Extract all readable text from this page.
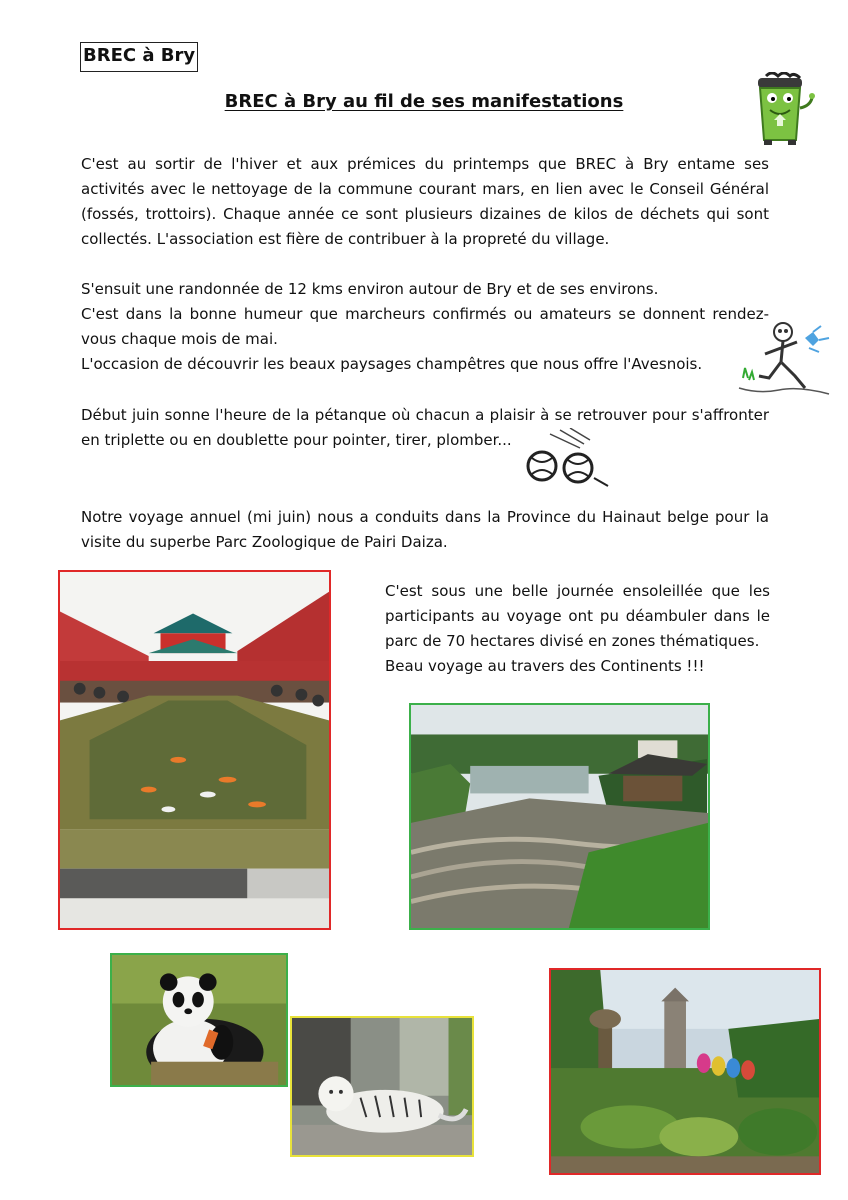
BREC à Bry
BREC à Bry au fil de ses manifestations

C'est au sortir de l'hiver et aux prémices du printemps que BREC à Bry entame ses activités avec le nettoyage de la commune courant mars, en lien avec le Conseil Général (fossés, trottoirs). Chaque année ce sont plusieurs dizaines de kilos de déchets qui sont collectés. L'association est fière de contribuer à la propreté du village.

S'ensuit une randonnée de 12 kms environ autour de Bry et de ses environs.

C'est dans la bonne humeur que marcheurs confirmés ou amateurs se donnent rendez-vous chaque mois de mai.

L'occasion de découvrir les beaux paysages champêtres que nous offre l'Avesnois.

Début juin sonne l'heure de la pétanque où chacun a plaisir à se retrouver pour s'affronter en triplette ou en doublette pour pointer, tirer, plomber...

Notre voyage annuel (mi juin) nous a conduits dans la Province du Hainaut belge pour la visite du superbe Parc Zoologique de Pairi Daiza.

C'est sous une belle journée ensoleillée que les participants au voyage ont pu déambuler dans le parc de 70 hectares divisé en zones thématiques.

Beau voyage au travers des Continents !!!
